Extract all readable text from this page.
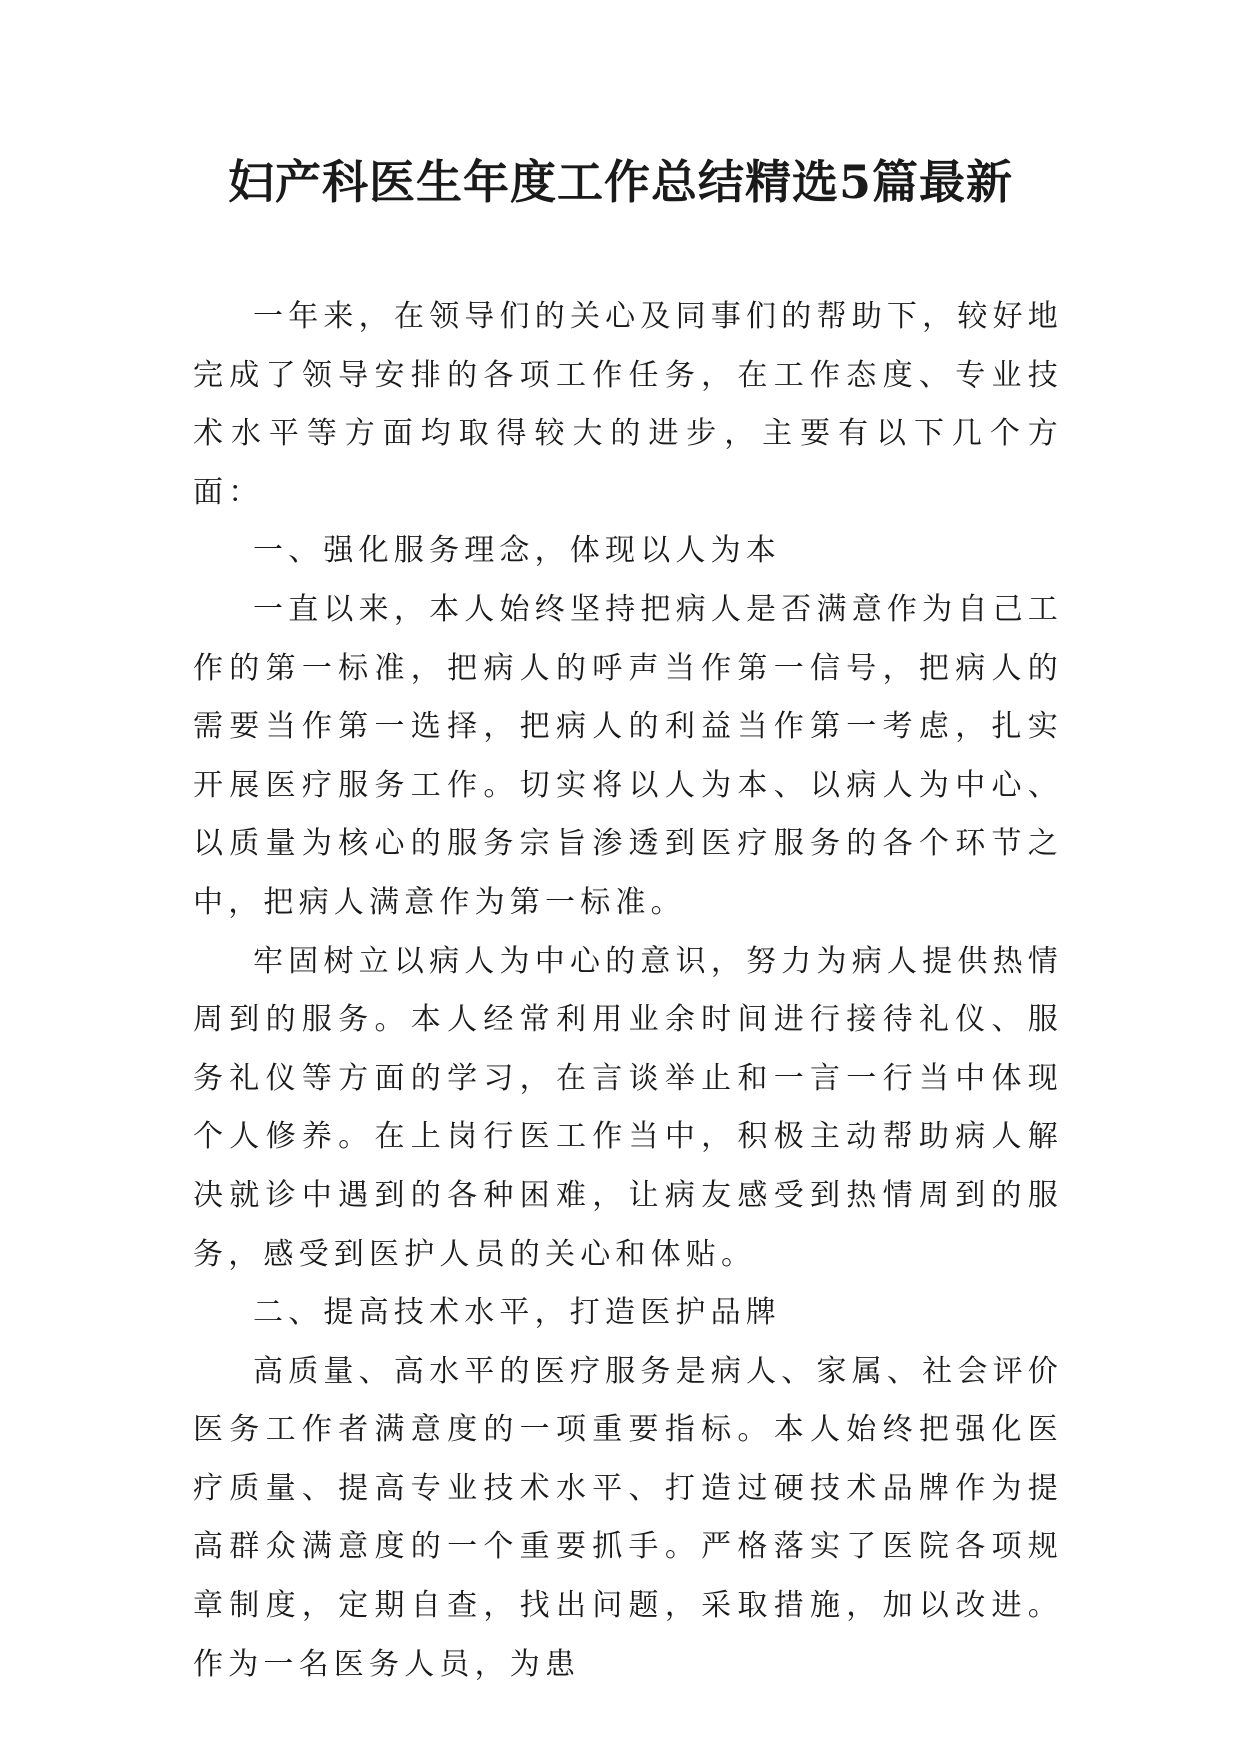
妇产科医生年度工作总结精选5篇最新

一年来，在领导们的关心及同事们的帮助下，较好地完成了领导安排的各项工作任务，在工作态度、专业技术水平等方面均取得较大的进步，主要有以下几个方面：

一、强化服务理念，体现以人为本

一直以来，本人始终坚持把病人是否满意作为自己工作的第一标准，把病人的呼声当作第一信号，把病人的需要当作第一选择，把病人的利益当作第一考虑，扎实开展医疗服务工作。切实将以人为本、以病人为中心、以质量为核心的服务宗旨渗透到医疗服务的各个环节之中，把病人满意作为第一标准。

牢固树立以病人为中心的意识，努力为病人提供热情周到的服务。本人经常利用业余时间进行接待礼仪、服务礼仪等方面的学习，在言谈举止和一言一行当中体现个人修养。在上岗行医工作当中，积极主动帮助病人解决就诊中遇到的各种困难，让病友感受到热情周到的服务，感受到医护人员的关心和体贴。

二、提高技术水平，打造医护品牌

高质量、高水平的医疗服务是病人、家属、社会评价医务工作者满意度的一项重要指标。本人始终把强化医疗质量、提高专业技术水平、打造过硬技术品牌作为提高群众满意度的一个重要抓手。严格落实了医院各项规章制度，定期自查，找出问题，采取措施，加以改进。作为一名医务人员，为患
